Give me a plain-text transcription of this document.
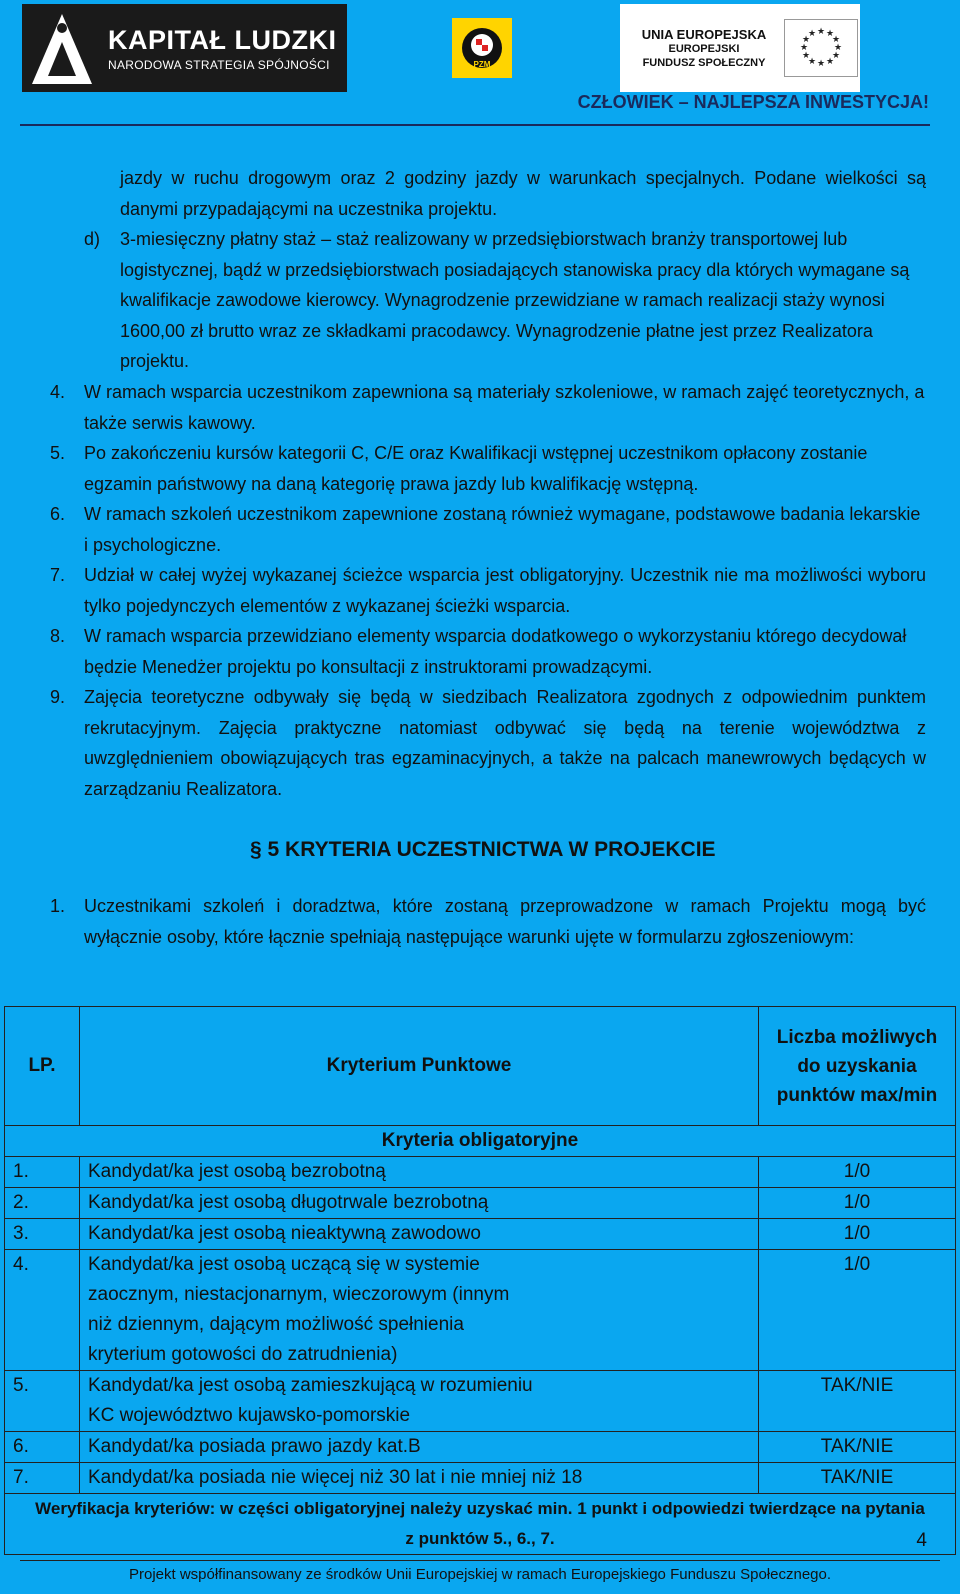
KAPITAŁ LUDZKI
NARODOWA STRATEGIA SPÓJNOŚCI	PZM
UNIA EUROPEJSKA
EUROPEJSKI
FUNDUSZ SPOŁECZNY
★ ★
★
★
★
★
★
★
★
★
★
★
CZŁOWIEK – NAJLEPSZA INWESTYCJA!
jazdy w ruchu drogowym oraz 2 godziny jazdy w warunkach specjalnych. Podane wielkości są danymi przypadającymi na uczestnika projektu.
d)	3-miesięczny płatny staż – staż realizowany w przedsiębiorstwach branży transportowej lub logistycznej, bądź w przedsiębiorstwach posiadających stanowiska pracy dla których wymagane są kwalifikacje zawodowe kierowcy. Wynagrodzenie przewidziane w ramach realizacji staży wynosi 1600,00 zł brutto wraz ze składkami pracodawcy. Wynagrodzenie płatne jest przez Realizatora projektu.
4.	W ramach wsparcia uczestnikom zapewniona są materiały szkoleniowe, w ramach zajęć teoretycznych, a także serwis kawowy.
5.	Po zakończeniu kursów kategorii C, C/E oraz Kwalifikacji wstępnej uczestnikom opłacony zostanie egzamin państwowy na daną kategorię prawa jazdy lub kwalifikację wstępną.
6.	W ramach szkoleń uczestnikom zapewnione zostaną również wymagane, podstawowe badania lekarskie i psychologiczne.
7.	Udział w całej wyżej wykazanej ścieżce wsparcia jest obligatoryjny. Uczestnik nie ma możliwości wyboru tylko pojedynczych elementów z wykazanej ścieżki wsparcia.
8.	W ramach wsparcia przewidziano elementy wsparcia dodatkowego o wykorzystaniu którego decydował będzie Menedżer projektu po konsultacji z instruktorami prowadzącymi.
9.	Zajęcia teoretyczne odbywały się będą w siedzibach Realizatora zgodnych z odpowiednim punktem rekrutacyjnym. Zajęcia praktyczne natomiast odbywać się będą na terenie województwa z uwzględnieniem obowiązujących tras egzaminacyjnych, a także na palcach manewrowych będących w zarządzaniu Realizatora.
§ 5 KRYTERIA UCZESTNICTWA W PROJEKCIE
1.	Uczestnikami szkoleń i doradztwa, które zostaną przeprowadzone w ramach Projektu mogą być wyłącznie osoby, które łącznie spełniają następujące warunki ujęte w formularzu zgłoszeniowym:
LP.	Kryterium Punktowe	Liczba możliwych do uzyskania punktów max/min
Kryteria obligatoryjne		
1.	Kandydat/ka jest osobą bezrobotną	1/0
2.	Kandydat/ka jest osobą długotrwale bezrobotną	1/0
3.	Kandydat/ka jest osobą nieaktywną zawodowo	1/0
4.	Kandydat/ka jest osobą uczącą się w systemie zaocznym, niestacjonarnym, wieczorowym (innym niż dziennym, dającym możliwość spełnienia kryterium gotowości do zatrudnienia)	1/0
5.	Kandydat/ka jest osobą zamieszkującą w rozumieniu KC województwo kujawsko-pomorskie	TAK/NIE
6.	Kandydat/ka posiada prawo jazdy kat.B	TAK/NIE
7.	Kandydat/ka posiada nie więcej niż 30 lat i nie mniej niż 18	TAK/NIE
Weryfikacja kryteriów: w części obligatoryjnej należy uzyskać min. 1 punkt i odpowiedzi twierdzące na pytania z punktów 5., 6., 7.			4
Projekt współfinansowany ze środków Unii Europejskiej w ramach Europejskiego Funduszu Społecznego.
